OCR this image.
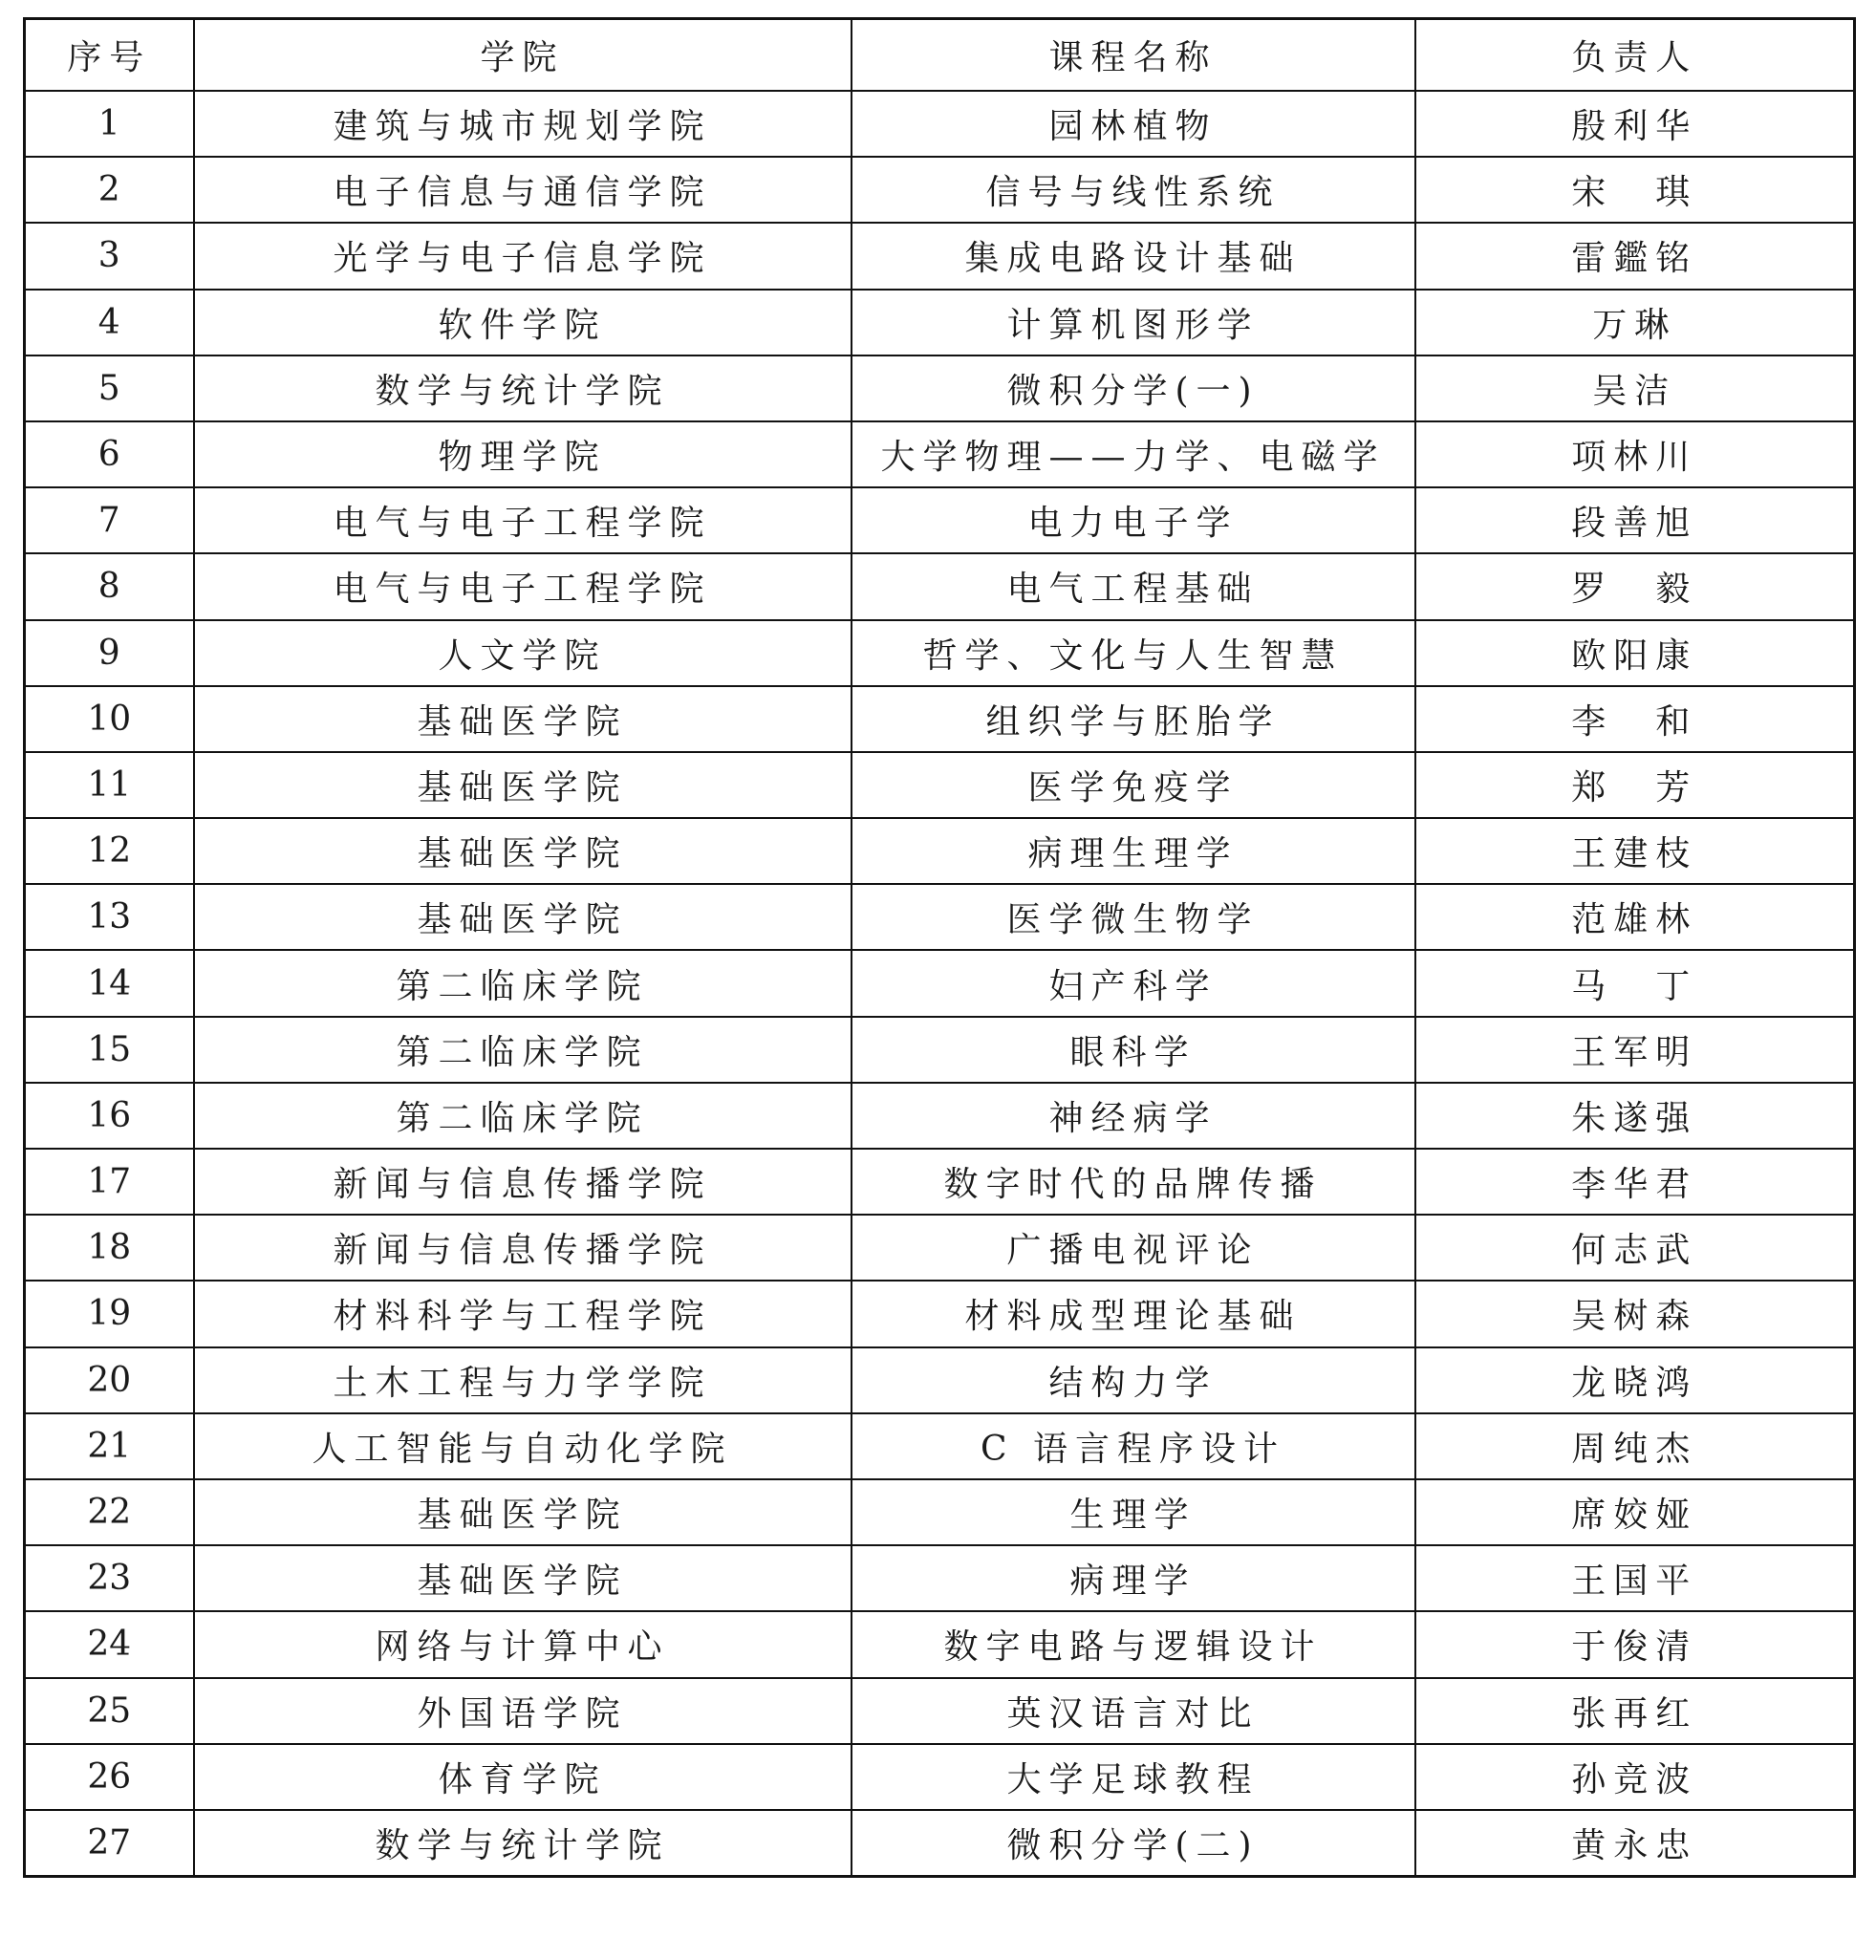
序号	学院	课程名称	负责人
1	建筑与城市规划学院	园林植物	殷利华
2	电子信息与通信学院	信号与线性系统	宋　琪
3	光学与电子信息学院	集成电路设计基础	雷鑑铭
4	软件学院	计算机图形学	万琳
5	数学与统计学院	微积分学(一)	吴洁
6	物理学院	大学物理——力学、电磁学	项林川
7	电气与电子工程学院	电力电子学	段善旭
8	电气与电子工程学院	电气工程基础	罗　毅
9	人文学院	哲学、文化与人生智慧	欧阳康
10	基础医学院	组织学与胚胎学	李　和
11	基础医学院	医学免疫学	郑　芳
12	基础医学院	病理生理学	王建枝
13	基础医学院	医学微生物学	范雄林
14	第二临床学院	妇产科学	马　丁
15	第二临床学院	眼科学	王军明
16	第二临床学院	神经病学	朱遂强
17	新闻与信息传播学院	数字时代的品牌传播	李华君
18	新闻与信息传播学院	广播电视评论	何志武
19	材料科学与工程学院	材料成型理论基础	吴树森
20	土木工程与力学学院	结构力学	龙晓鸿
21	人工智能与自动化学院	C 语言程序设计	周纯杰
22	基础医学院	生理学	席姣娅
23	基础医学院	病理学	王国平
24	网络与计算中心	数字电路与逻辑设计	于俊清
25	外国语学院	英汉语言对比	张再红
26	体育学院	大学足球教程	孙竞波
27	数学与统计学院	微积分学(二)	黄永忠
